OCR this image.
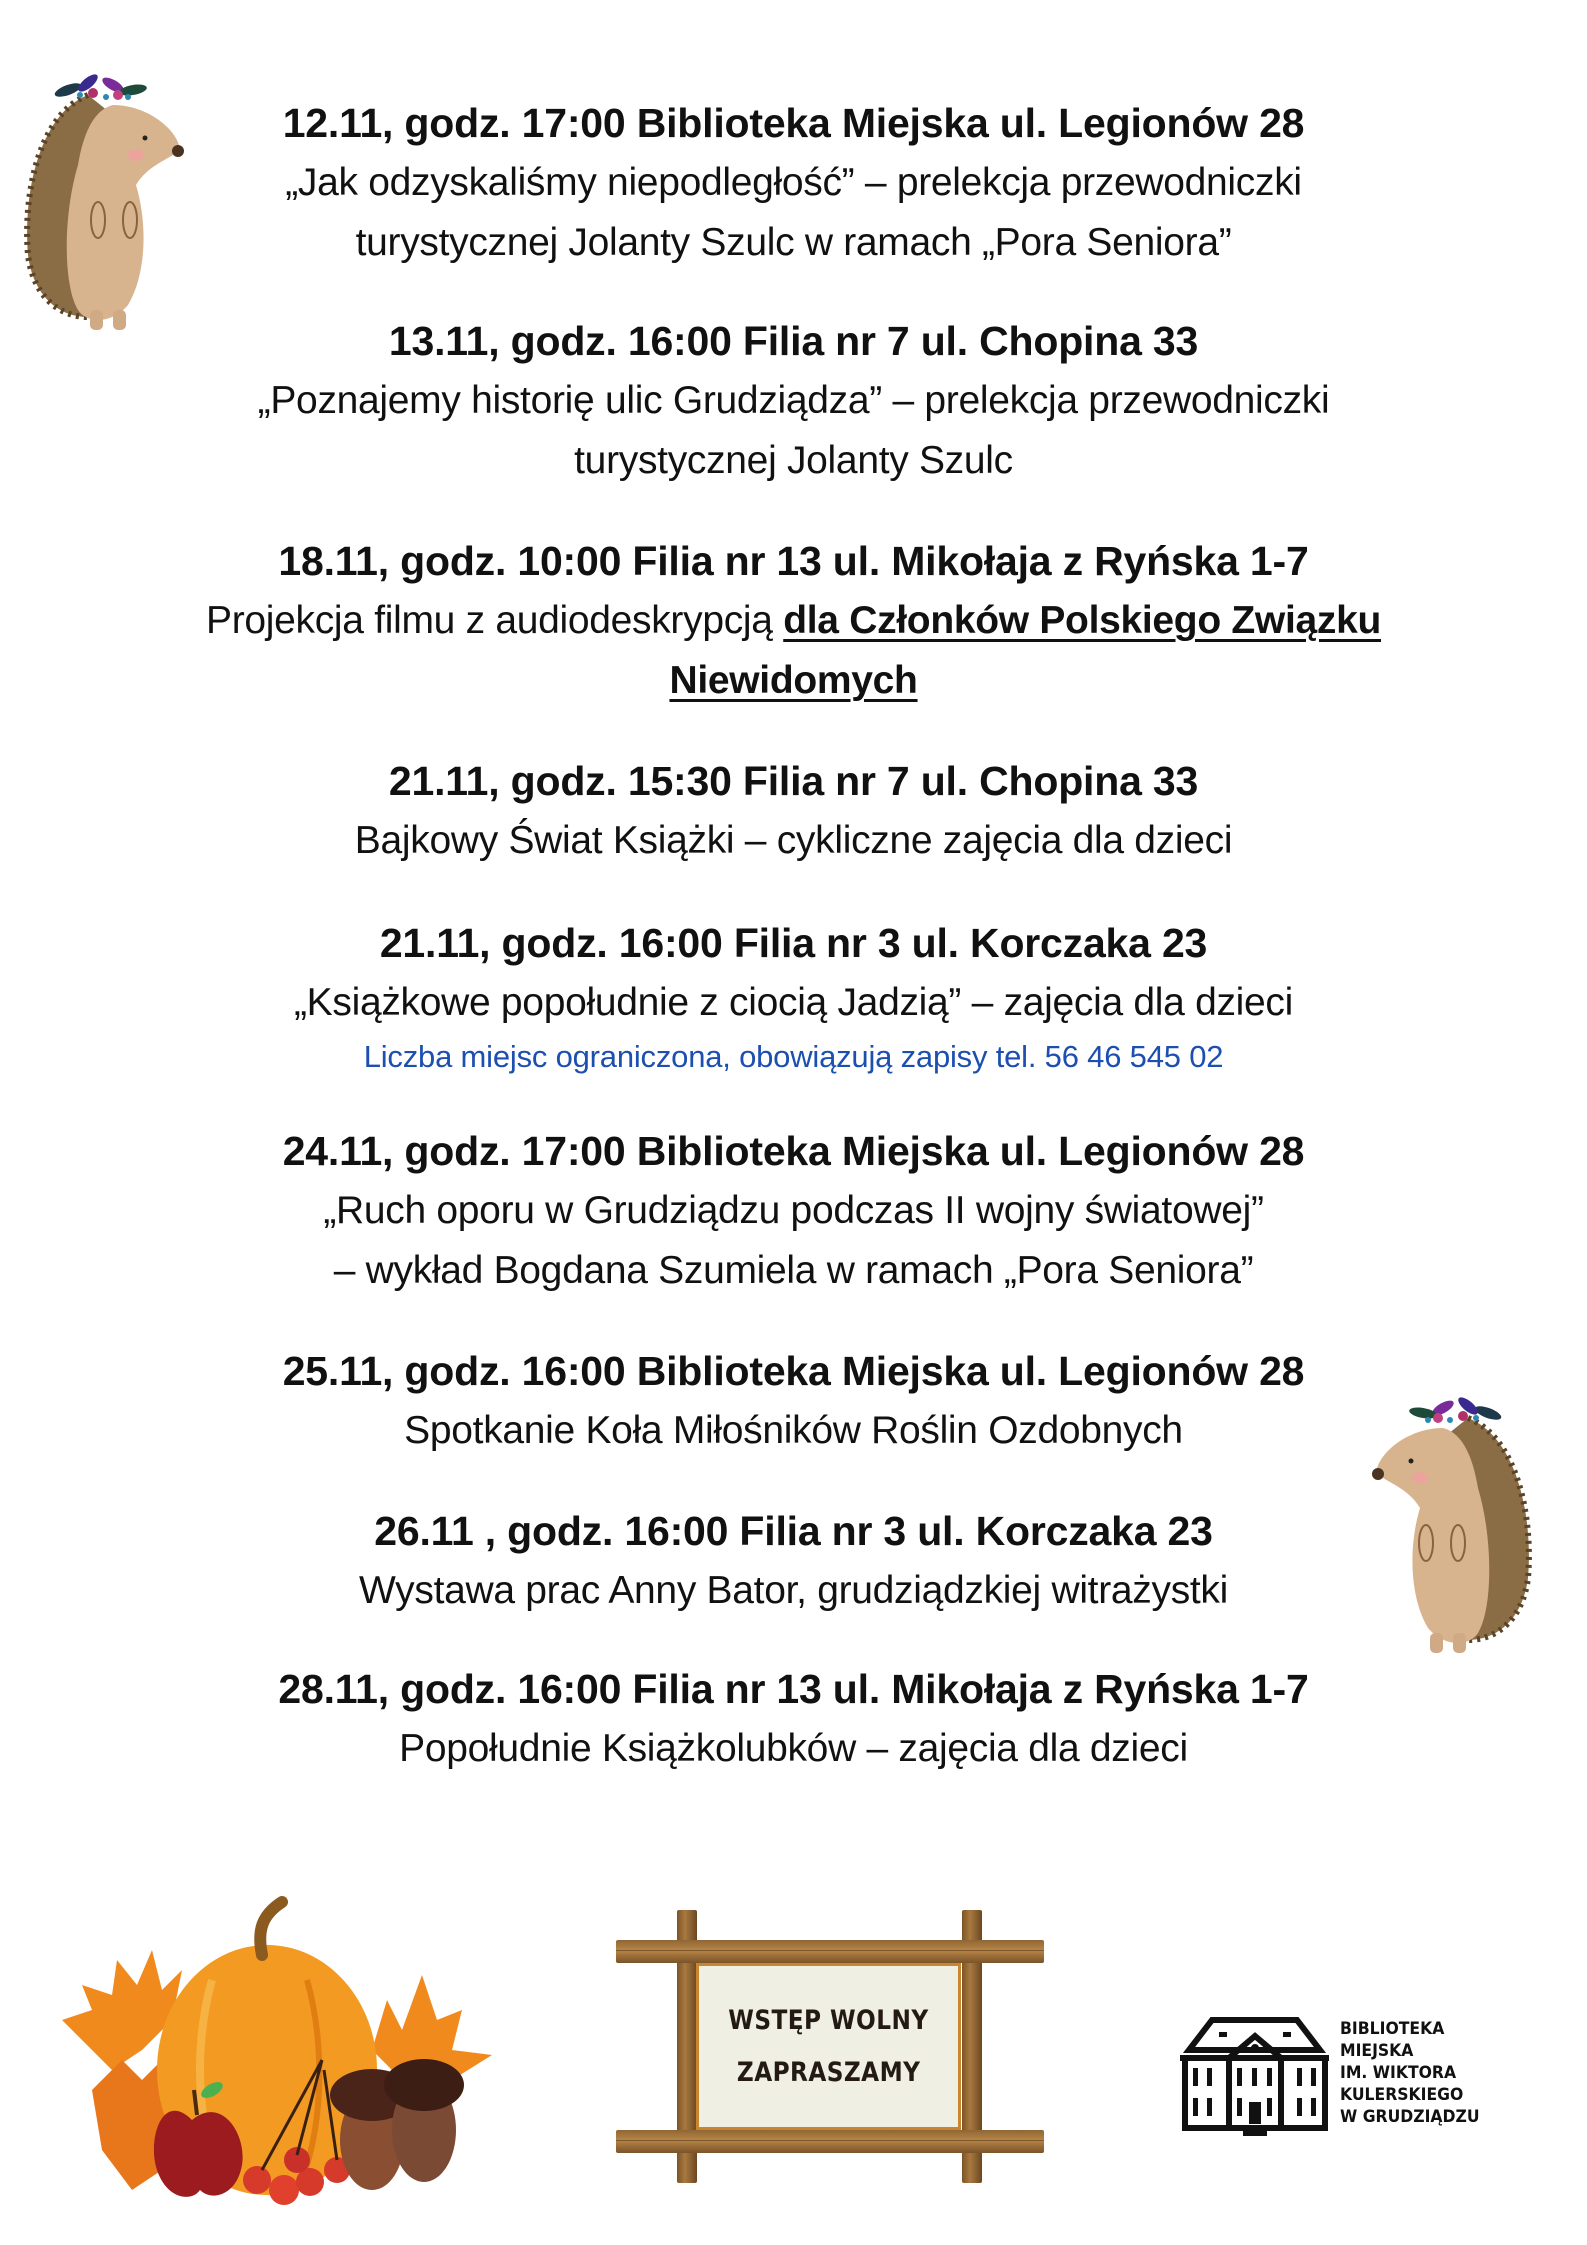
12.11, godz. 17:00 Biblioteka Miejska ul. Legionów 28
„Jak odzyskaliśmy niepodległość” – prelekcja przewodniczki
turystycznej Jolanty Szulc w ramach „Pora Seniora”
13.11, godz. 16:00 Filia nr 7 ul. Chopina 33
„Poznajemy historię ulic Grudziądza” – prelekcja przewodniczki
turystycznej Jolanty Szulc
18.11, godz. 10:00 Filia nr 13 ul. Mikołaja z Ryńska 1-7
Projekcja filmu z audiodeskrypcją dla Członków Polskiego Związku
Niewidomych
21.11, godz. 15:30 Filia nr 7 ul. Chopina 33
Bajkowy Świat Książki – cykliczne zajęcia dla dzieci
21.11, godz. 16:00 Filia nr 3 ul. Korczaka 23
„Książkowe popołudnie z ciocią Jadzią” – zajęcia dla dzieci
Liczba miejsc ograniczona, obowiązują zapisy tel. 56 46 545 02
24.11, godz. 17:00 Biblioteka Miejska ul. Legionów 28
„Ruch oporu w Grudziądzu podczas II wojny światowej”
– wykład Bogdana Szumiela w ramach „Pora Seniora”
25.11, godz. 16:00 Biblioteka Miejska ul. Legionów 28
Spotkanie Koła Miłośników Roślin Ozdobnych
26.11 , godz. 16:00 Filia nr 3 ul. Korczaka 23
Wystawa prac Anny Bator, grudziądzkiej witrażystki
28.11, godz. 16:00 Filia nr 13 ul. Mikołaja z Ryńska 1-7
Popołudnie Książkolubków – zajęcia dla dzieci
WSTĘP WOLNY
ZAPRASZAMY
BIBLIOTEKA
MIEJSKA
IM. WIKTORA
KULERSKIEGO
W GRUDZIĄDZU
